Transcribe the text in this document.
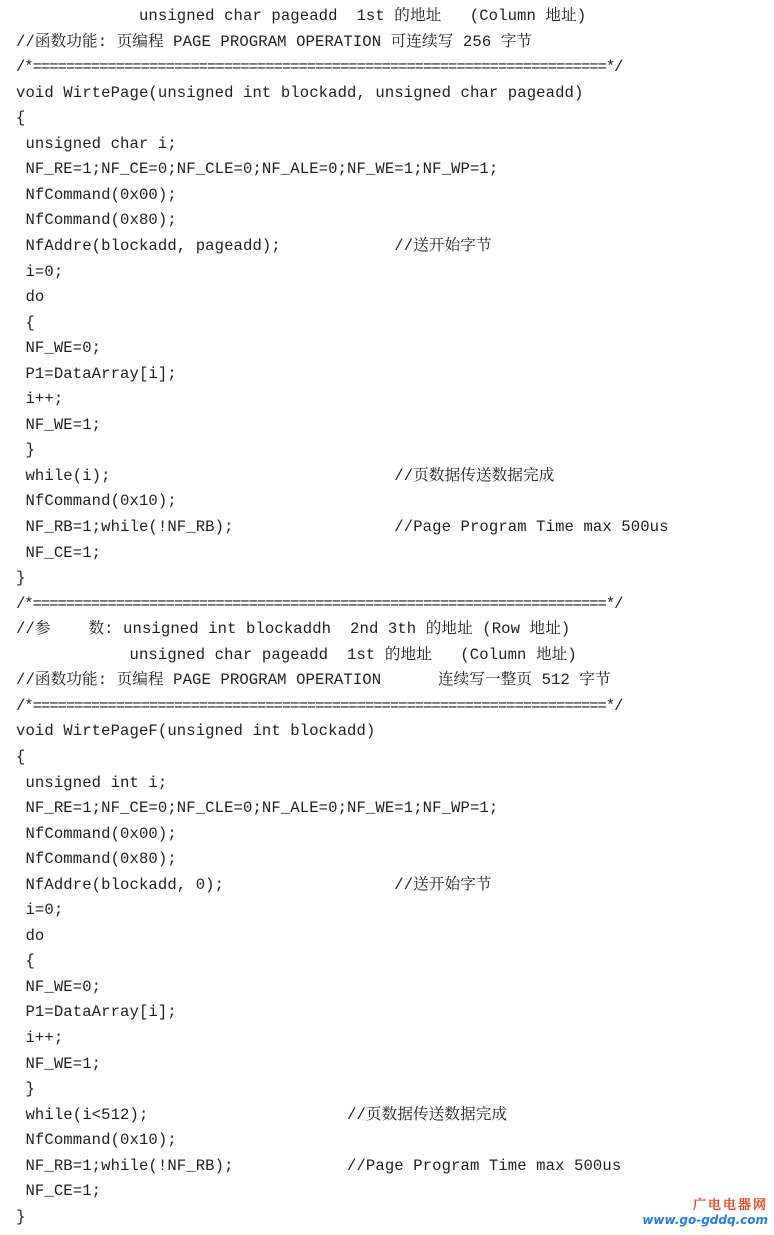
unsigned char pageadd  1st 的地址   (Column 地址)
//函数功能: 页编程 PAGE PROGRAM OPERATION 可连续写 256 字节
/*=====================================================================*/
void WirtePage(unsigned int blockadd, unsigned char pageadd)
{
unsigned char i;
NF_RE=1;NF_CE=0;NF_CLE=0;NF_ALE=0;NF_WE=1;NF_WP=1;
NfCommand(0x00);
NfCommand(0x80);
NfAddre(blockadd, pageadd);            //送开始字节
i=0;
do
{
NF_WE=0;
P1=DataArray[i];
i++;
NF_WE=1;
}
while(i);                              //页数据传送数据完成
NfCommand(0x10);
NF_RB=1;while(!NF_RB);                 //Page Program Time max 500us
NF_CE=1;
}
/*=====================================================================*/
//参    数: unsigned int blockaddh  2nd 3th 的地址 (Row 地址)
unsigned char pageadd  1st 的地址   (Column 地址)
//函数功能: 页编程 PAGE PROGRAM OPERATION      连续写一整页 512 字节
/*=====================================================================*/
void WirtePageF(unsigned int blockadd)
{
unsigned int i;
NF_RE=1;NF_CE=0;NF_CLE=0;NF_ALE=0;NF_WE=1;NF_WP=1;
NfCommand(0x00);
NfCommand(0x80);
NfAddre(blockadd, 0);                  //送开始字节
i=0;
do
{
NF_WE=0;
P1=DataArray[i];
i++;
NF_WE=1;
}
while(i<512);                     //页数据传送数据完成
NfCommand(0x10);
NF_RB=1;while(!NF_RB);            //Page Program Time max 500us
NF_CE=1;
}
广电电器网
www.go-gddq.com
